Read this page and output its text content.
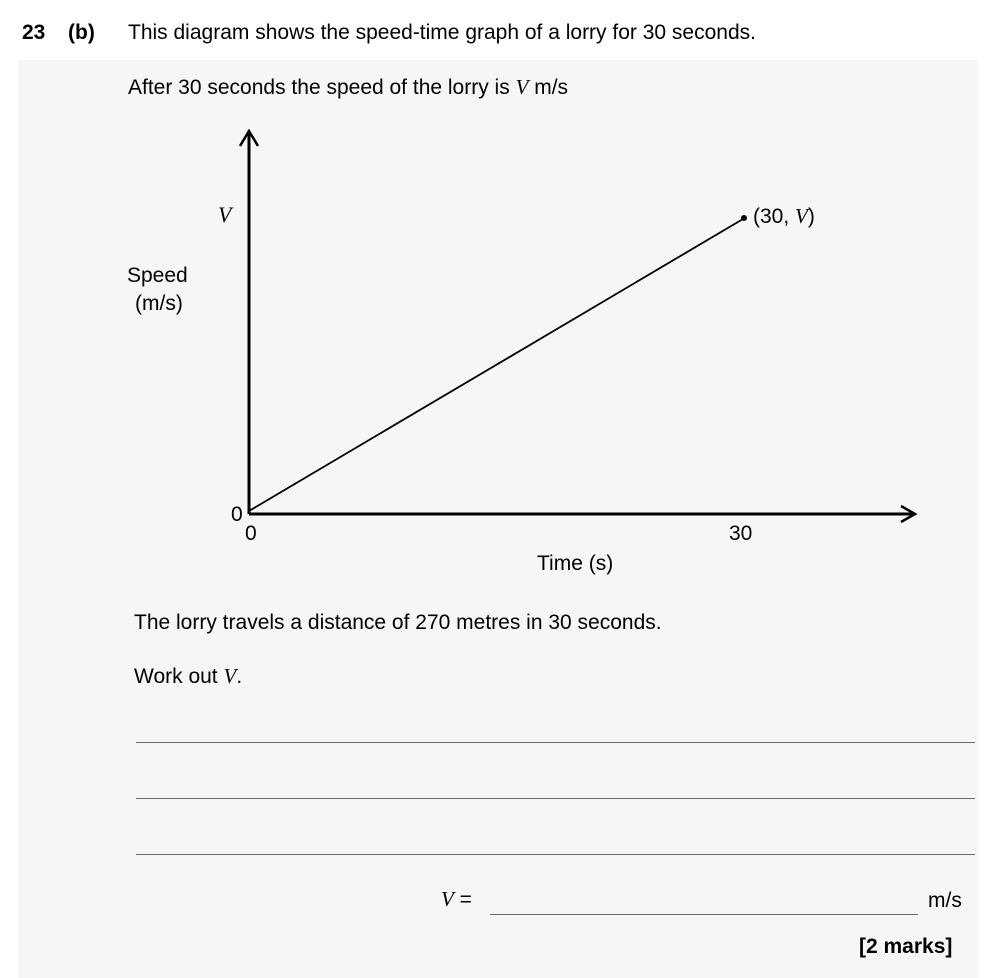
23 (b) This diagram shows the speed-time graph of a lorry for 30 seconds.
After 30 seconds the speed of the lorry is V m/s
V
Speed
(m/s)
0
0	30
Time (s)
(30, V)
The lorry travels a distance of 270 metres in 30 seconds.
Work out V.
V =	m/s
[2 marks]
